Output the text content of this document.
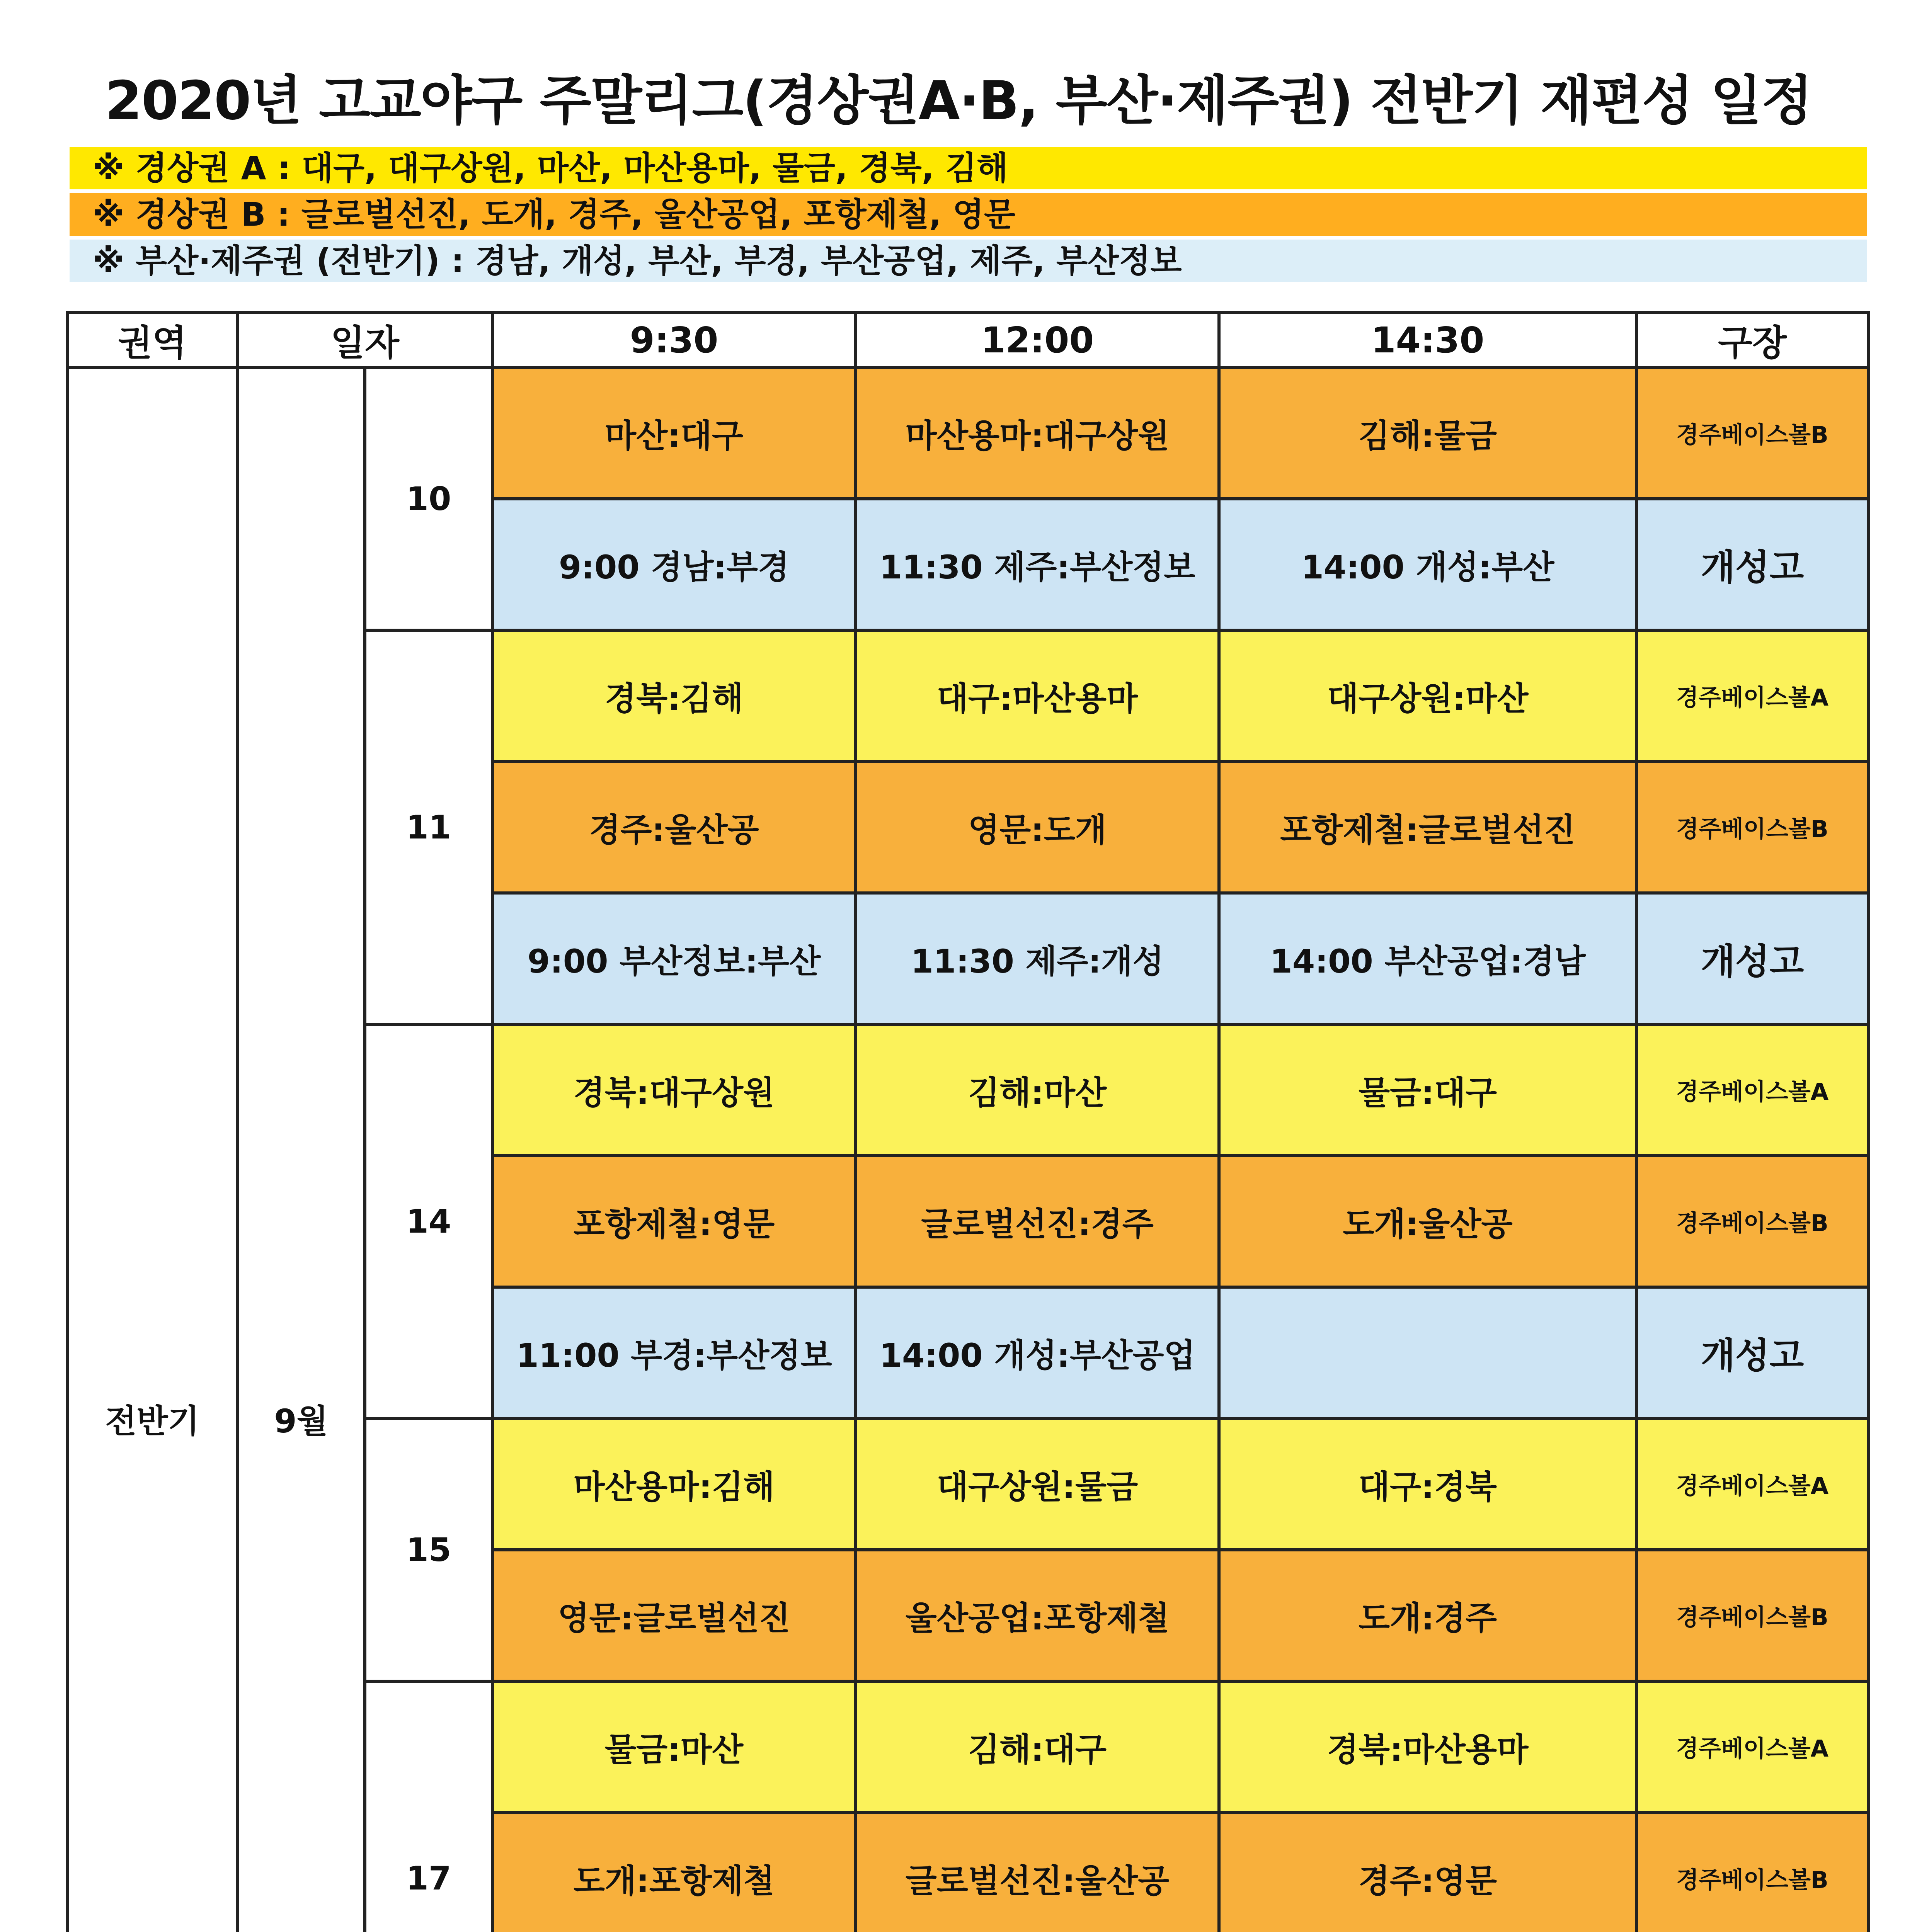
2020년 고교야구 주말리그(경상권A·B, 부산·제주권) 전반기 재편성 일정
※ 경상권 A : 대구, 대구상원, 마산, 마산용마, 물금, 경북, 김해
※ 경상권 B : 글로벌선진, 도개, 경주, 울산공업, 포항제철, 영문
※ 부산·제주권 (전반기) : 경남, 개성, 부산, 부경, 부산공업, 제주, 부산정보
권역	일자		9:30	12:00	14:30	구장
전반기	9월	10	마산:대구	마산용마:대구상원	김해:물금	경주베이스볼B
			9:00 경남:부경	11:30 제주:부산정보	14:00 개성:부산	개성고
		11	경북:김해	대구:마산용마	대구상원:마산	경주베이스볼A
			경주:울산공	영문:도개	포항제철:글로벌선진	경주베이스볼B
			9:00 부산정보:부산	11:30 제주:개성	14:00 부산공업:경남	개성고
		14	경북:대구상원	김해:마산	물금:대구	경주베이스볼A
			포항제철:영문	글로벌선진:경주	도개:울산공	경주베이스볼B
			11:00 부경:부산정보	14:00 개성:부산공업		개성고
		15	마산용마:김해	대구상원:물금	대구:경북	경주베이스볼A
			영문:글로벌선진	울산공업:포항제철	도개:경주	경주베이스볼B
		17	물금:마산	김해:대구	경북:마산용마	경주베이스볼A
			도개:포항제철	글로벌선진:울산공	경주:영문	경주베이스볼B
